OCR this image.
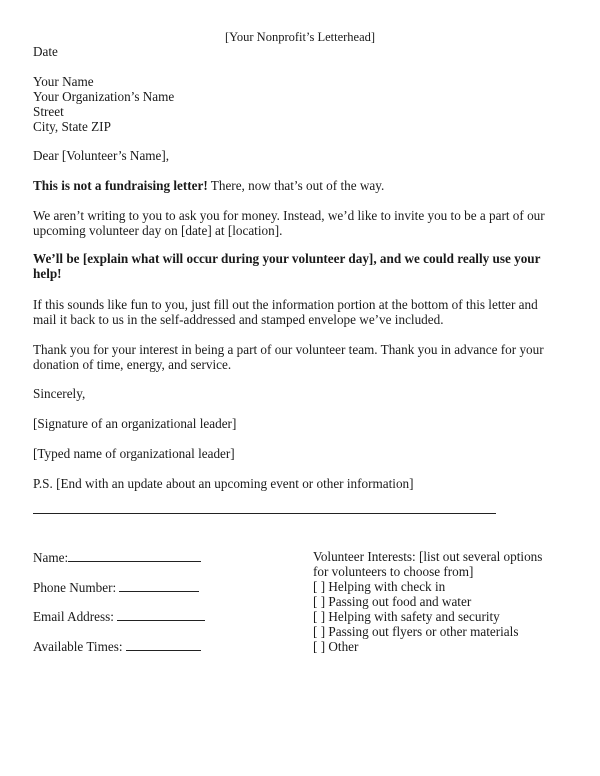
[Your Nonprofit’s Letterhead]
Date
Your Name
Your Organization’s Name
Street
City, State ZIP
Dear [Volunteer’s Name],
This is not a fundraising letter! There, now that’s out of the way.
We aren’t writing to you to ask you for money. Instead, we’d like to invite you to be a part of our
upcoming volunteer day on [date] at [location].
We’ll be [explain what will occur during your volunteer day], and we could really use your
help!
If this sounds like fun to you, just fill out the information portion at the bottom of this letter and
mail it back to us in the self-addressed and stamped envelope we’ve included.
Thank you for your interest in being a part of our volunteer team. Thank you in advance for your
donation of time, energy, and service.
Sincerely,
[Signature of an organizational leader]
[Typed name of organizational leader]
P.S. [End with an update about an upcoming event or other information]
Name:
Phone Number:
Email Address:
Available Times:
Volunteer Interests: [list out several options
for volunteers to choose from]
[ ] Helping with check in
[ ] Passing out food and water
[ ] Helping with safety and security
[ ] Passing out flyers or other materials
[ ] Other
